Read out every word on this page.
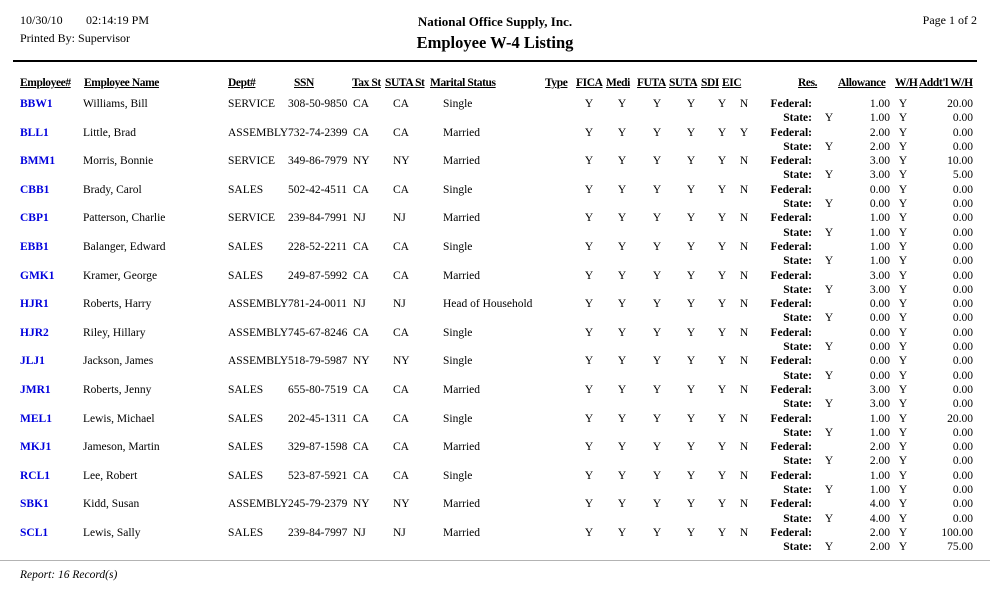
10/30/10 02:14:19 PM
Printed By: Supervisor
National Office Supply, Inc.
Employee W-4 Listing
Page 1 of 2
Employee# Employee Name	Dept#	SSN	Tax St SUTA St Marital Status	Type FICA Medi FUTA SUTA SDI EIC	Res. Allowance W/H Addt'l W/H
BBW1	Williams, Bill	SERVICE 308-50-9850 CA CA	Single	Y	Y	Y	Y	Y	N	Federal:	1.00 Y	20.00
State:	Y	1.00 Y	0.00
BLL1	Little, Brad	ASSEMBLY 732-74-2399 CA CA	Married	Y	Y	Y	Y	Y	Y	Federal:	2.00 Y	0.00
State:	Y	2.00 Y	0.00
BMM1 Morris, Bonnie	SERVICE 349-86-7979 NY NY	Married	Y	Y	Y	Y	Y	N	Federal:	3.00 Y	10.00
State:	Y	3.00 Y	5.00
CBB1	Brady, Carol	SALES 502-42-4511 CA CA	Single	Y	Y	Y	Y	Y	N	Federal:	0.00 Y	0.00
State:	Y	0.00 Y	0.00
CBP1	Patterson, Charlie	SERVICE 239-84-7991 NJ NJ	Married	Y	Y	Y	Y	Y	N	Federal:	1.00 Y	0.00
State:	Y	1.00 Y	0.00
EBB1	Balanger, Edward	SALES 228-52-2211 CA CA	Single	Y	Y	Y	Y	Y	N	Federal:	1.00 Y	0.00
State:	Y	1.00 Y	0.00
GMK1 Kramer, George	SALES 249-87-5992 CA CA	Married	Y	Y	Y	Y	Y	N	Federal:	3.00 Y	0.00
State:	Y	3.00 Y	0.00
HJR1	Roberts, Harry	ASSEMBLY 781-24-0011 NJ NJ	Head of Household	Y	Y	Y	Y	Y	N	Federal:	0.00 Y	0.00
State:	Y	0.00 Y	0.00
HJR2	Riley, Hillary	ASSEMBLY 745-67-8246 CA CA	Single	Y	Y	Y	Y	Y	N	Federal:	0.00 Y	0.00
State:	Y	0.00 Y	0.00
JLJ1	Jackson, James	ASSEMBLY 518-79-5987 NY NY	Single	Y	Y	Y	Y	Y	N	Federal:	0.00 Y	0.00
State:	Y	0.00 Y	0.00
JMR1	Roberts, Jenny	SALES 655-80-7519 CA CA	Married	Y	Y	Y	Y	Y	N	Federal:	3.00 Y	0.00
State:	Y	3.00 Y	0.00
MEL1	Lewis, Michael	SALES 202-45-1311 CA CA	Single	Y	Y	Y	Y	Y	N	Federal:	1.00 Y	20.00
State:	Y	1.00 Y	0.00
MKJ1	Jameson, Martin	SALES 329-87-1598 CA CA	Married	Y	Y	Y	Y	Y	N	Federal:	2.00 Y	0.00
State:	Y	2.00 Y	0.00
RCL1	Lee, Robert	SALES 523-87-5921 CA CA	Single	Y	Y	Y	Y	Y	N	Federal:	1.00 Y	0.00
State:	Y	1.00 Y	0.00
SBK1	Kidd, Susan	ASSEMBLY 245-79-2379 NY NY	Married	Y	Y	Y	Y	Y	N	Federal:	4.00 Y	0.00
State:	Y	4.00 Y	0.00
SCL1	Lewis, Sally	SALES 239-84-7997 NJ NJ	Married	Y	Y	Y	Y	Y	N	Federal:	2.00 Y	100.00
State:	Y	2.00 Y	75.00
Report: 16 Record(s)
